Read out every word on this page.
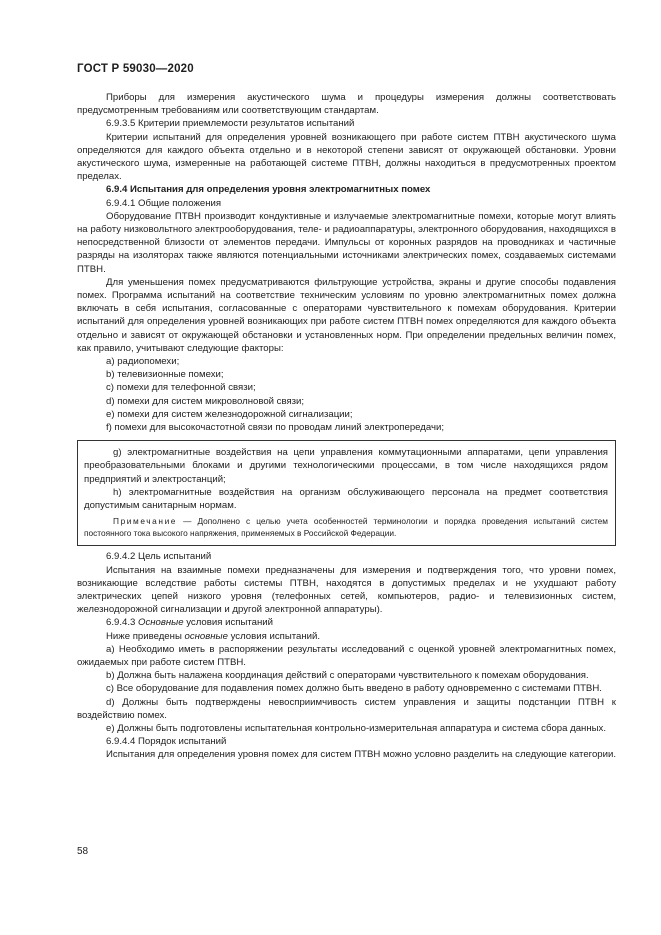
ГОСТ Р 59030—2020

Приборы для измерения акустического шума и процедуры измерения должны соответствовать предусмотренным требованиям или соответствующим стандартам.

6.9.3.5 Критерии приемлемости результатов испытаний

Критерии испытаний для определения уровней возникающего при работе систем ПТВН акустического шума определяются для каждого объекта отдельно и в некоторой степени зависят от окружающей обстановки. Уровни акустического шума, измеренные на работающей системе ПТВН, должны находиться в предусмотренных проектом пределах.

6.9.4 Испытания для определения уровня электромагнитных помех

6.9.4.1 Общие положения

Оборудование ПТВН производит кондуктивные и излучаемые электромагнитные помехи, которые могут влиять на работу низковольтного электрооборудования, теле- и радиоаппаратуры, электронного оборудования, находящихся в непосредственной близости от элементов передачи. Импульсы от коронных разрядов на проводниках и частичные разряды на изоляторах также являются потенциальными источниками электрических помех, создаваемых системами ПТВН.

Для уменьшения помех предусматриваются фильтрующие устройства, экраны и другие способы подавления помех. Программа испытаний на соответствие техническим условиям по уровню электромагнитных помех должна включать в себя испытания, согласованные с операторами чувствительного к помехам оборудования. Критерии испытаний для определения уровней возникающих при работе систем ПТВН помех определяются для каждого объекта отдельно и зависят от окружающей обстановки и установленных норм. При определении предельных величин помех, как правило, учитывают следующие факторы:

a) радиопомехи;

b) телевизионные помехи;

c) помехи для телефонной связи;

d) помехи для систем микроволновой связи;

e) помехи для систем железнодорожной сигнализации;

f) помехи для высокочастотной связи по проводам линий электропередачи;

g) электромагнитные воздействия на цепи управления коммутационными аппаратами, цепи управления преобразовательными блоками и другими технологическими процессами, в том числе находящихся рядом предприятий и электростанций;

h) электромагнитные воздействия на организм обслуживающего персонала на предмет соответствия допустимым санитарным нормам.

Примечание — Дополнено с целью учета особенностей терминологии и порядка проведения испытаний систем постоянного тока высокого напряжения, применяемых в Российской Федерации.

6.9.4.2 Цель испытаний

Испытания на взаимные помехи предназначены для измерения и подтверждения того, что уровни помех, возникающие вследствие работы системы ПТВН, находятся в допустимых пределах и не ухудшают работу электрических цепей низкого уровня (телефонных сетей, компьютеров, радио- и телевизионных систем, железнодорожной сигнализации и другой электронной аппаратуры).

6.9.4.3 Основные условия испытаний

Ниже приведены основные условия испытаний.

a) Необходимо иметь в распоряжении результаты исследований с оценкой уровней электромагнитных помех, ожидаемых при работе систем ПТВН.

b) Должна быть налажена координация действий с операторами чувствительного к помехам оборудования.

c) Все оборудование для подавления помех должно быть введено в работу одновременно с системами ПТВН.

d) Должны быть подтверждены невосприимчивость систем управления и защиты подстанции ПТВН к воздействию помех.

e) Должны быть подготовлены испытательная контрольно-измерительная аппаратура и система сбора данных.

6.9.4.4 Порядок испытаний

Испытания для определения уровня помех для систем ПТВН можно условно разделить на следующие категории.

58
